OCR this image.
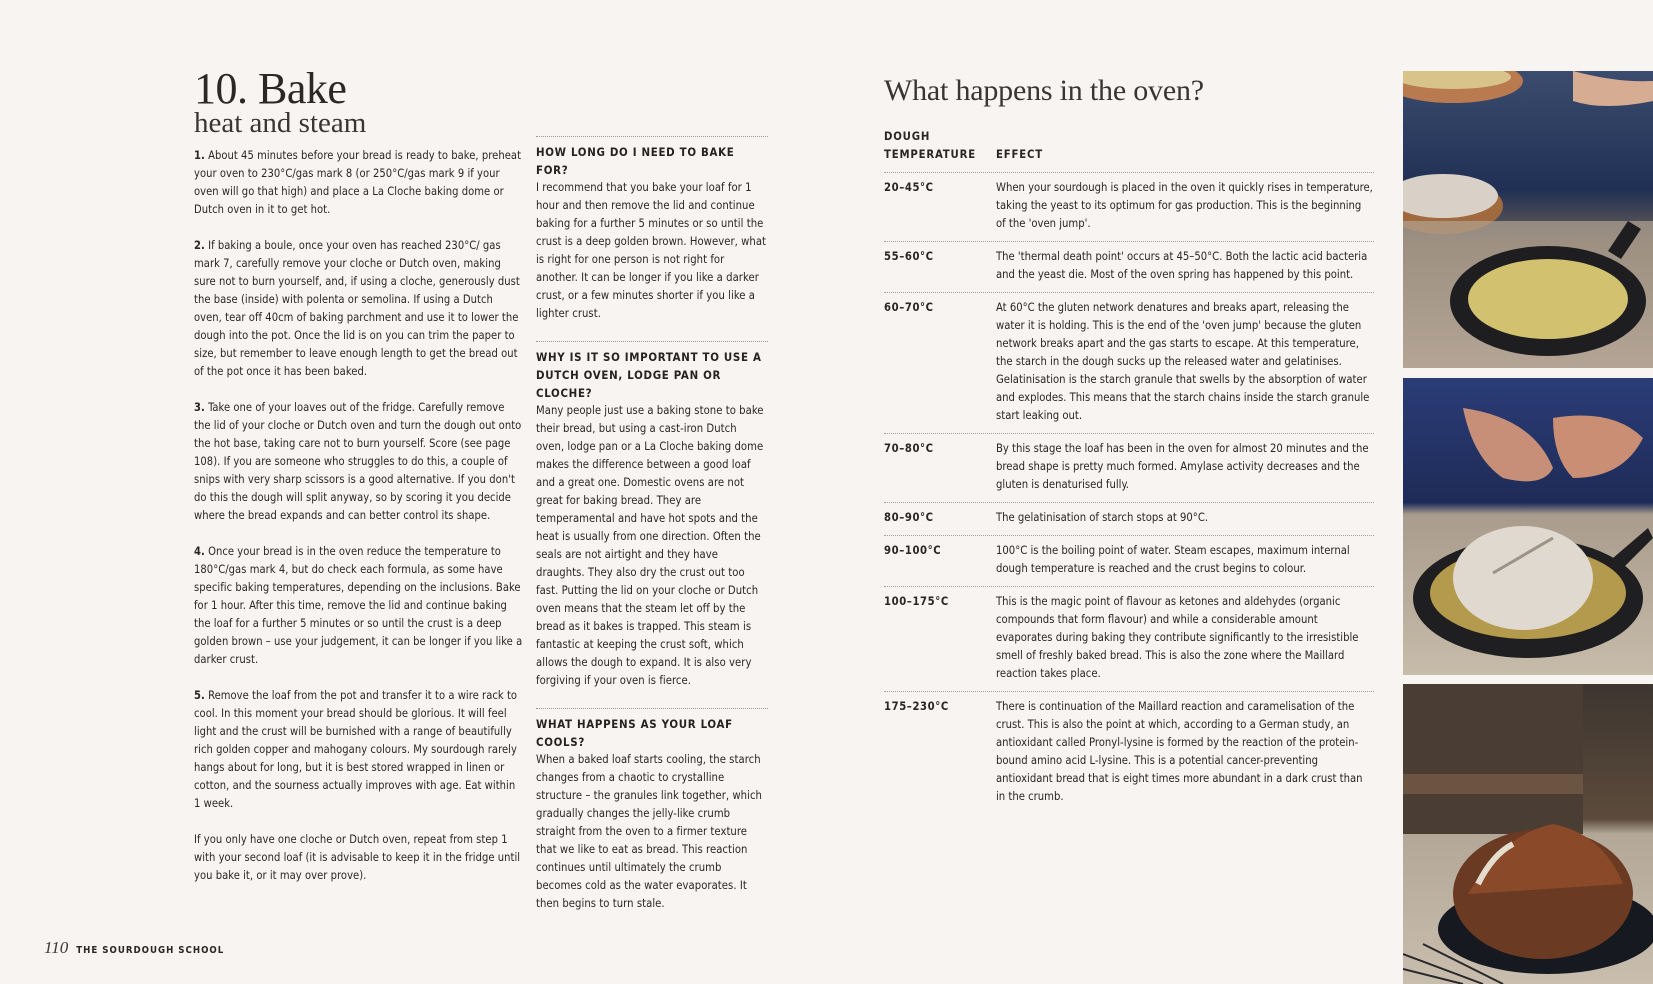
10. Bake
heat and steam

1. About 45 minutes before your bread is ready to bake, preheat your oven to 230°C/gas mark 8 (or 250°C/gas mark 9 if your oven will go that high) and place a La Cloche baking dome or Dutch oven in it to get hot.

2. If baking a boule, once your oven has reached 230°C/ gas mark 7, carefully remove your cloche or Dutch oven, making sure not to burn yourself, and, if using a cloche, generously dust the base (inside) with polenta or semolina. If using a Dutch oven, tear off 40cm of baking parchment and use it to lower the dough into the pot. Once the lid is on you can trim the paper to size, but remember to leave enough length to get the bread out of the pot once it has been baked.

3. Take one of your loaves out of the fridge. Carefully remove the lid of your cloche or Dutch oven and turn the dough out onto the hot base, taking care not to burn yourself. Score (see page 108). If you are someone who struggles to do this, a couple of snips with very sharp scissors is a good alternative. If you don't do this the dough will split anyway, so by scoring it you decide where the bread expands and can better control its shape.

4. Once your bread is in the oven reduce the temperature to 180°C/gas mark 4, but do check each formula, as some have specific baking temperatures, depending on the inclusions. Bake for 1 hour. After this time, remove the lid and continue baking the loaf for a further 5 minutes or so until the crust is a deep golden brown – use your judgement, it can be longer if you like a darker crust.

5. Remove the loaf from the pot and transfer it to a wire rack to cool. In this moment your bread should be glorious. It will feel light and the crust will be burnished with a range of beautifully rich golden copper and mahogany colours. My sourdough rarely hangs about for long, but it is best stored wrapped in linen or cotton, and the sourness actually improves with age. Eat within 1 week.

If you only have one cloche or Dutch oven, repeat from step 1 with your second loaf (it is advisable to keep it in the fridge until you bake it, or it may over prove).

HOW LONG DO I NEED TO BAKE FOR?

I recommend that you bake your loaf for 1 hour and then remove the lid and continue baking for a further 5 minutes or so until the crust is a deep golden brown. However, what is right for one person is not right for another. It can be longer if you like a darker crust, or a few minutes shorter if you like a lighter crust.

WHY IS IT SO IMPORTANT TO USE A DUTCH OVEN, LODGE PAN OR CLOCHE?

Many people just use a baking stone to bake their bread, but using a cast-iron Dutch oven, lodge pan or a La Cloche baking dome makes the difference between a good loaf and a great one. Domestic ovens are not great for baking bread. They are temperamental and have hot spots and the heat is usually from one direction. Often the seals are not airtight and they have draughts. They also dry the crust out too fast. Putting the lid on your cloche or Dutch oven means that the steam let off by the bread as it bakes is trapped. This steam is fantastic at keeping the crust soft, which allows the dough to expand. It is also very forgiving if your oven is fierce.

WHAT HAPPENS AS YOUR LOAF COOLS?

When a baked loaf starts cooling, the starch changes from a chaotic to crystalline structure – the granules link together, which gradually changes the jelly-like crumb straight from the oven to a firmer texture that we like to eat as bread. This reaction continues until ultimately the crumb becomes cold as the water evaporates. It then begins to turn stale.

110 THE SOURDOUGH SCHOOL
What happens in the oven?
DOUGH TEMPERATURE	EFFECT
20–45°C	When your sourdough is placed in the oven it quickly rises in temperature, taking the yeast to its optimum for gas production. This is the beginning of the 'oven jump'.
55–60°C	The 'thermal death point' occurs at 45–50°C. Both the lactic acid bacteria and the yeast die. Most of the oven spring has happened by this point.
60–70°C	At 60°C the gluten network denatures and breaks apart, releasing the water it is holding. This is the end of the 'oven jump' because the gluten network breaks apart and the gas starts to escape. At this temperature, the starch in the dough sucks up the released water and gelatinises. Gelatinisation is the starch granule that swells by the absorption of water and explodes. This means that the starch chains inside the starch granule start leaking out.
70–80°C	By this stage the loaf has been in the oven for almost 20 minutes and the bread shape is pretty much formed. Amylase activity decreases and the gluten is denaturised fully.
80–90°C	The gelatinisation of starch stops at 90°C.
90–100°C	100°C is the boiling point of water. Steam escapes, maximum internal dough temperature is reached and the crust begins to colour.
100–175°C	This is the magic point of flavour as ketones and aldehydes (organic compounds that form flavour) and while a considerable amount evaporates during baking they contribute significantly to the irresistible smell of freshly baked bread. This is also the zone where the Maillard reaction takes place.
175–230°C	There is continuation of the Maillard reaction and caramelisation of the crust. This is also the point at which, according to a German study, an antioxidant called Pronyl-lysine is formed by the reaction of the protein-bound amino acid L-lysine. This is a potential cancer-preventing antioxidant bread that is eight times more abundant in a dark crust than in the crumb.
